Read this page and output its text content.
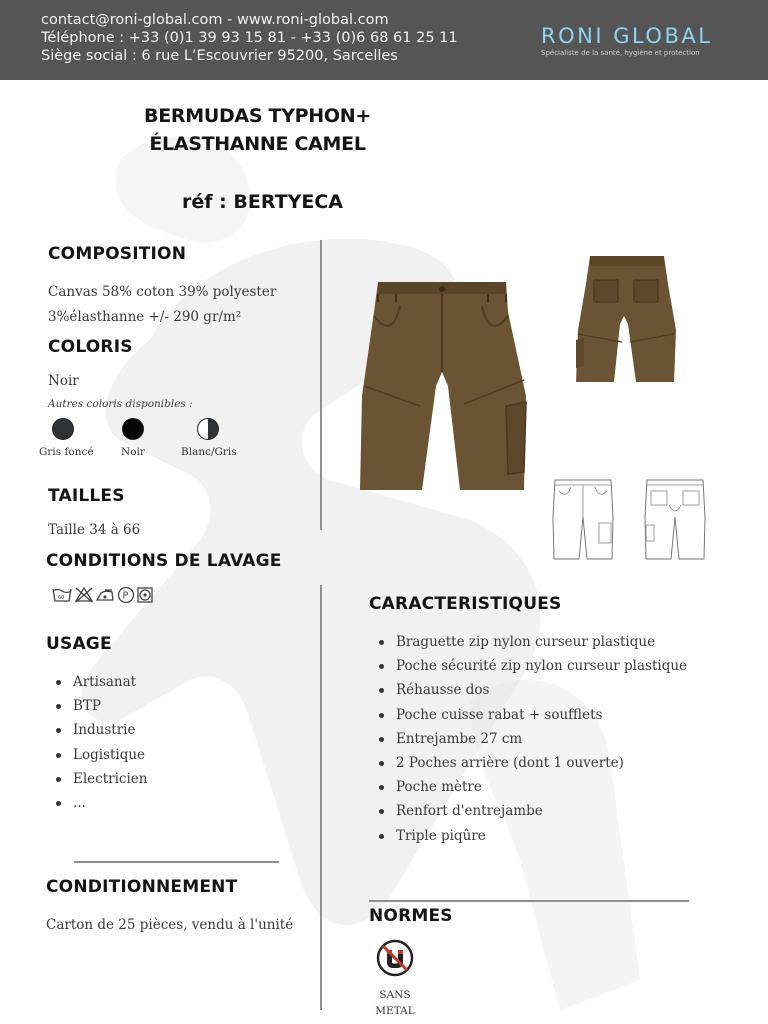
contact@roni-global.com - www.roni-global.com
Téléphone : +33 (0)1 39 93 15 81 - +33 (0)6 68 61 25 11
Siège social : 6 rue L’Escouvrier 95200, Sarcelles
RONI GLOBAL
Spécialiste de la santé, hygiène et protection
BERMUDAS TYPHON+
ÉLASTHANNE CAMEL
réf : BERTYECA
COMPOSITION
Canvas 58% coton 39% polyester
3%élasthanne +/- 290 gr/m²
COLORIS
Noir
Autres coloris disponibles :
Gris foncé	Noir	Blanc/Gris
TAILLES
Taille 34 à 66
CONDITIONS DE LAVAGE
60	P
USAGE
Artisanat
BTP
Industrie
Logistique
Electricien
...
CONDITIONNEMENT
Carton de 25 pièces, vendu à l'unité
CARACTERISTIQUES
Braguette zip nylon curseur plastique
Poche sécurité zip nylon curseur plastique
Réhausse dos
Poche cuisse rabat + soufflets
Entrejambe 27 cm
2 Poches arrière (dont 1 ouverte)
Poche mètre
Renfort d'entrejambe
Triple piqûre
NORMES
SANS
METAL
